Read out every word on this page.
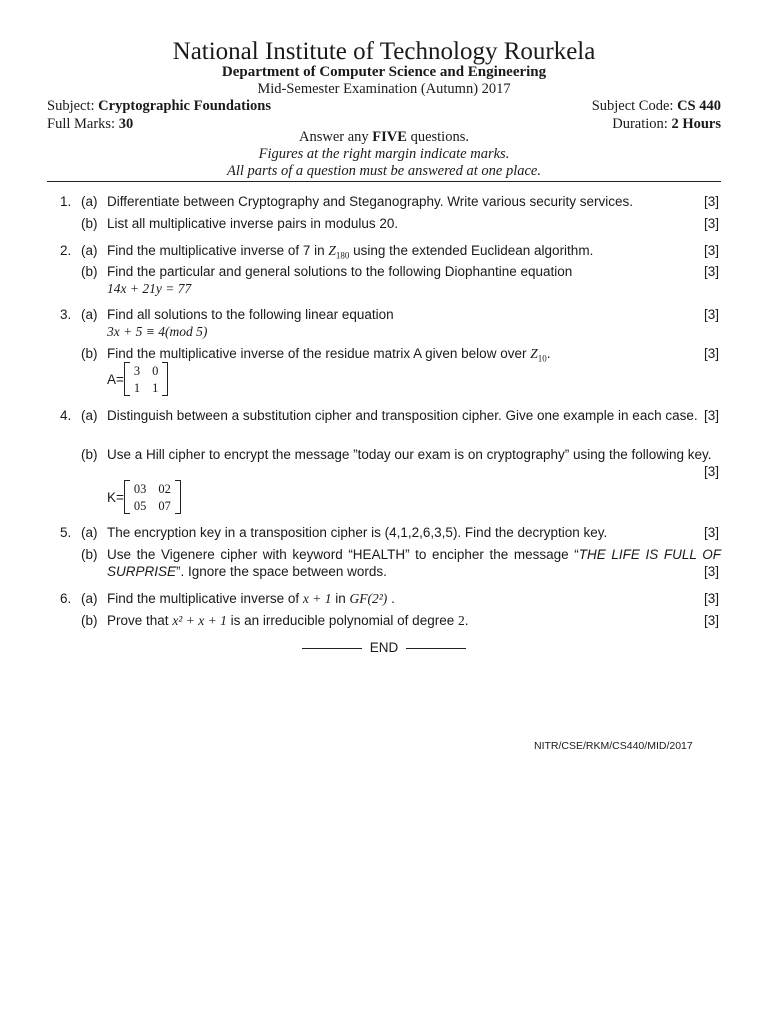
National Institute of Technology Rourkela
Department of Computer Science and Engineering
Mid-Semester Examination (Autumn) 2017
Subject: Cryptographic Foundations	Subject Code: CS 440
Full Marks: 30	Duration: 2 Hours
Answer any FIVE questions.
Figures at the right margin indicate marks.
All parts of a question must be answered at one place.
1. (a) Differentiate between Cryptography and Steganography. Write various security services.	[3]
(b) List all multiplicative inverse pairs in modulus 20.	[3]
2. (a) Find the multiplicative inverse of 7 in $Z_{180}$ using the extended Euclidean algorithm.	[3]
(b) Find the particular and general solutions to the following Diophantine equation	[3]
14x + 21y = 77
3. (a) Find all solutions to the following linear equation	[3]
3x + 5 ≡ 4(mod 5)
(b) Find the multiplicative inverse of the residue matrix A given below over $Z_{10}$.	[3]
A=
3 0
1 1
4. (a) Distinguish between a substitution cipher and transposition cipher. Give one example in each case. [3]
(b) Use a Hill cipher to encrypt the message ”today our exam is on cryptography” using the following key.
[3]
K=
03 02
05 07
5. (a) The encryption key in a transposition cipher is (4,1,2,6,3,5). Find the decryption key.	[3]
(b) Use the Vigenere cipher with keyword “HEALTH” to encipher the message “THE LIFE IS FULL OF SURPRISE”. Ignore the space between words.	[3]
6. (a) Find the multiplicative inverse of x + 1 in GF(2²) .	[3]
(b) Prove that x² + x + 1 is an irreducible polynomial of degree 2.	[3]
END
NITR/CSE/RKM/CS440/MID/2017
